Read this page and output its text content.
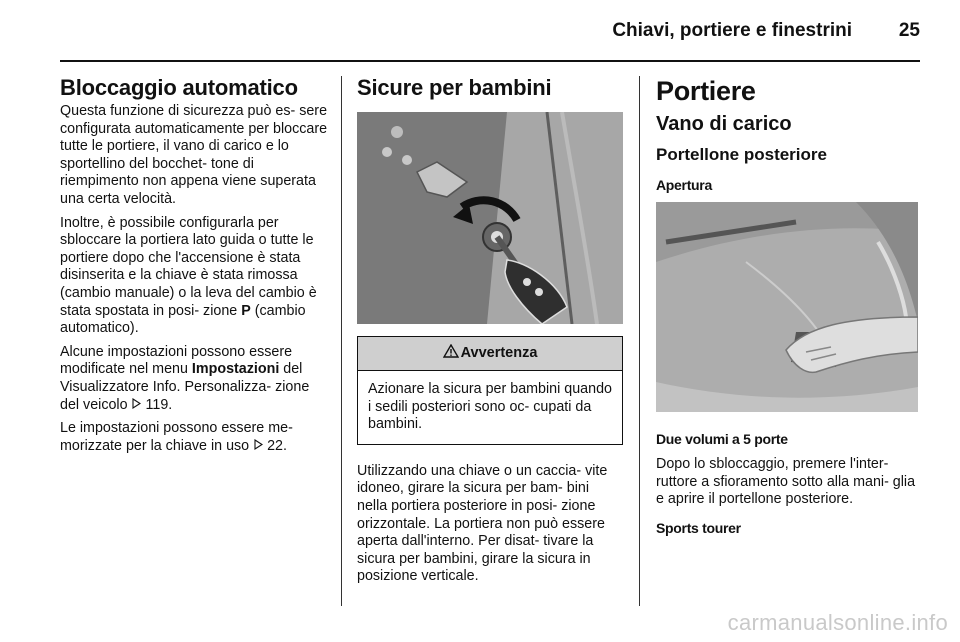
Chiavi, portiere e finestrini 25
Bloccaggio automatico

Questa funzione di sicurezza può es- sere configurata automaticamente per bloccare tutte le portiere, il vano di carico e lo sportellino del bocchet- tone di riempimento non appena viene superata una certa velocità.

Inoltre, è possibile configurarla per sbloccare la portiera lato guida o tutte le portiere dopo che l'accensione è stata disinserita e la chiave è stata rimossa (cambio manuale) o la leva del cambio è stata spostata in posi- zione P (cambio automatico).

Alcune impostazioni possono essere modificate nel menu Impostazioni del Visualizzatore Info. Personalizza- zione del veicolo  119.

Le impostazioni possono essere me- morizzate per la chiave in uso  22.

Sicure per bambini
Avvertenza
Azionare la sicura per bambini quando i sedili posteriori sono oc- cupati da bambini.

Utilizzando una chiave o un caccia- vite idoneo, girare la sicura per bam- bini nella portiera posteriore in posi- zione orizzontale. La portiera non può essere aperta dall'interno. Per disat- tivare la sicura per bambini, girare la sicura in posizione verticale.

Portiere
Vano di carico
Portellone posteriore
Apertura
Due volumi a 5 porte

Dopo lo sbloccaggio, premere l'inter- ruttore a sfioramento sotto alla mani- glia e aprire il portellone posteriore.

Sports tourer
carmanualsonline.info
